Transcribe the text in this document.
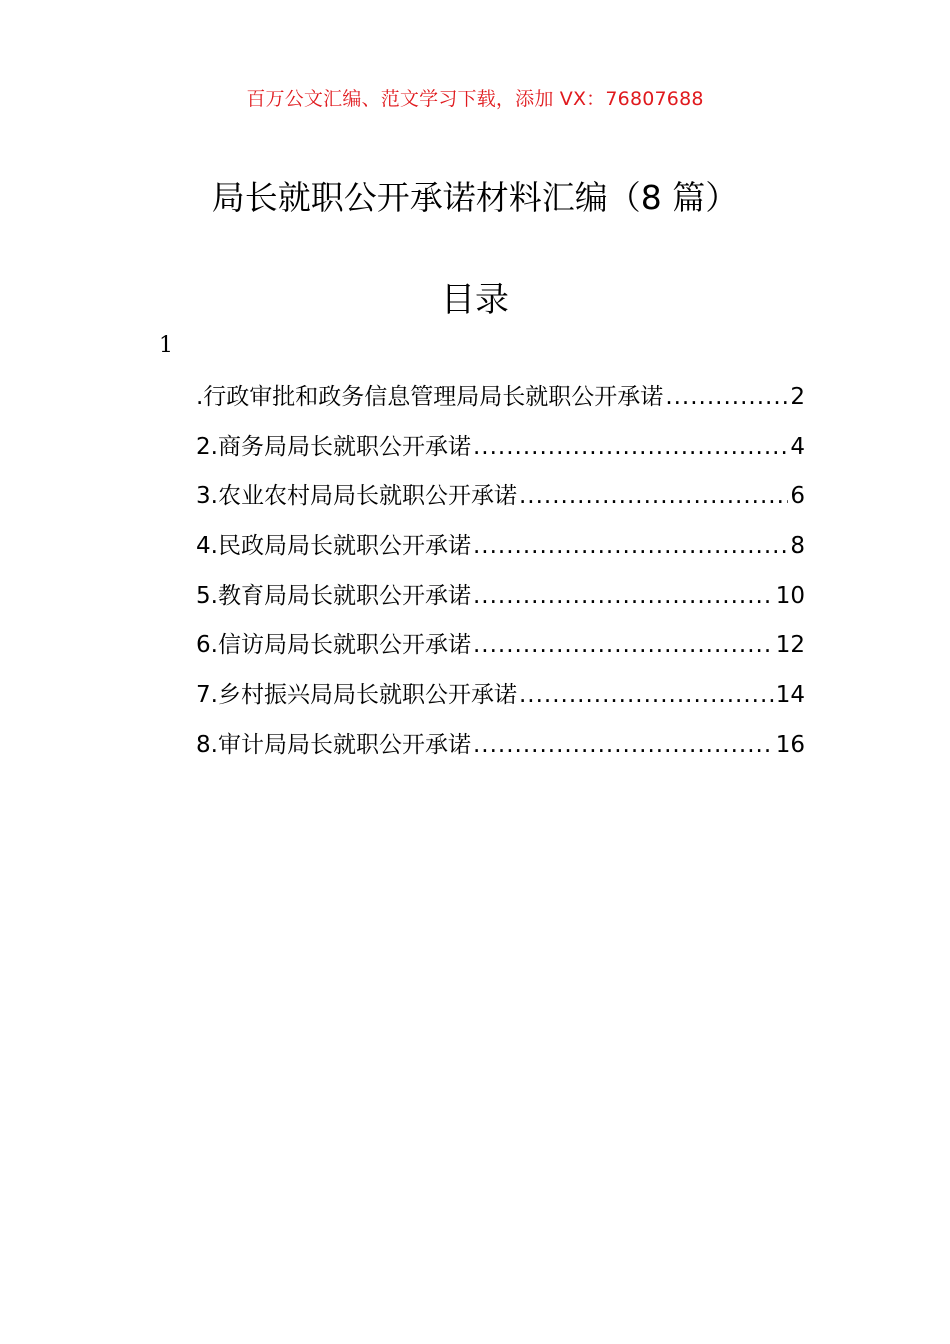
百万公文汇编、范文学习下载，添加 VX：76807688
局长就职公开承诺材料汇编（8 篇）
目录
1
.行政审批和政务信息管理局局长就职公开承诺 .....	2
2.商务局局长就职公开承诺 .....	4
3.农业农村局局长就职公开承诺 .....	6
4.民政局局长就职公开承诺 .....	8
5.教育局局长就职公开承诺 .....	10
6.信访局局长就职公开承诺 .....	12
7.乡村振兴局局长就职公开承诺 .....	14
8.审计局局长就职公开承诺 .....	16
